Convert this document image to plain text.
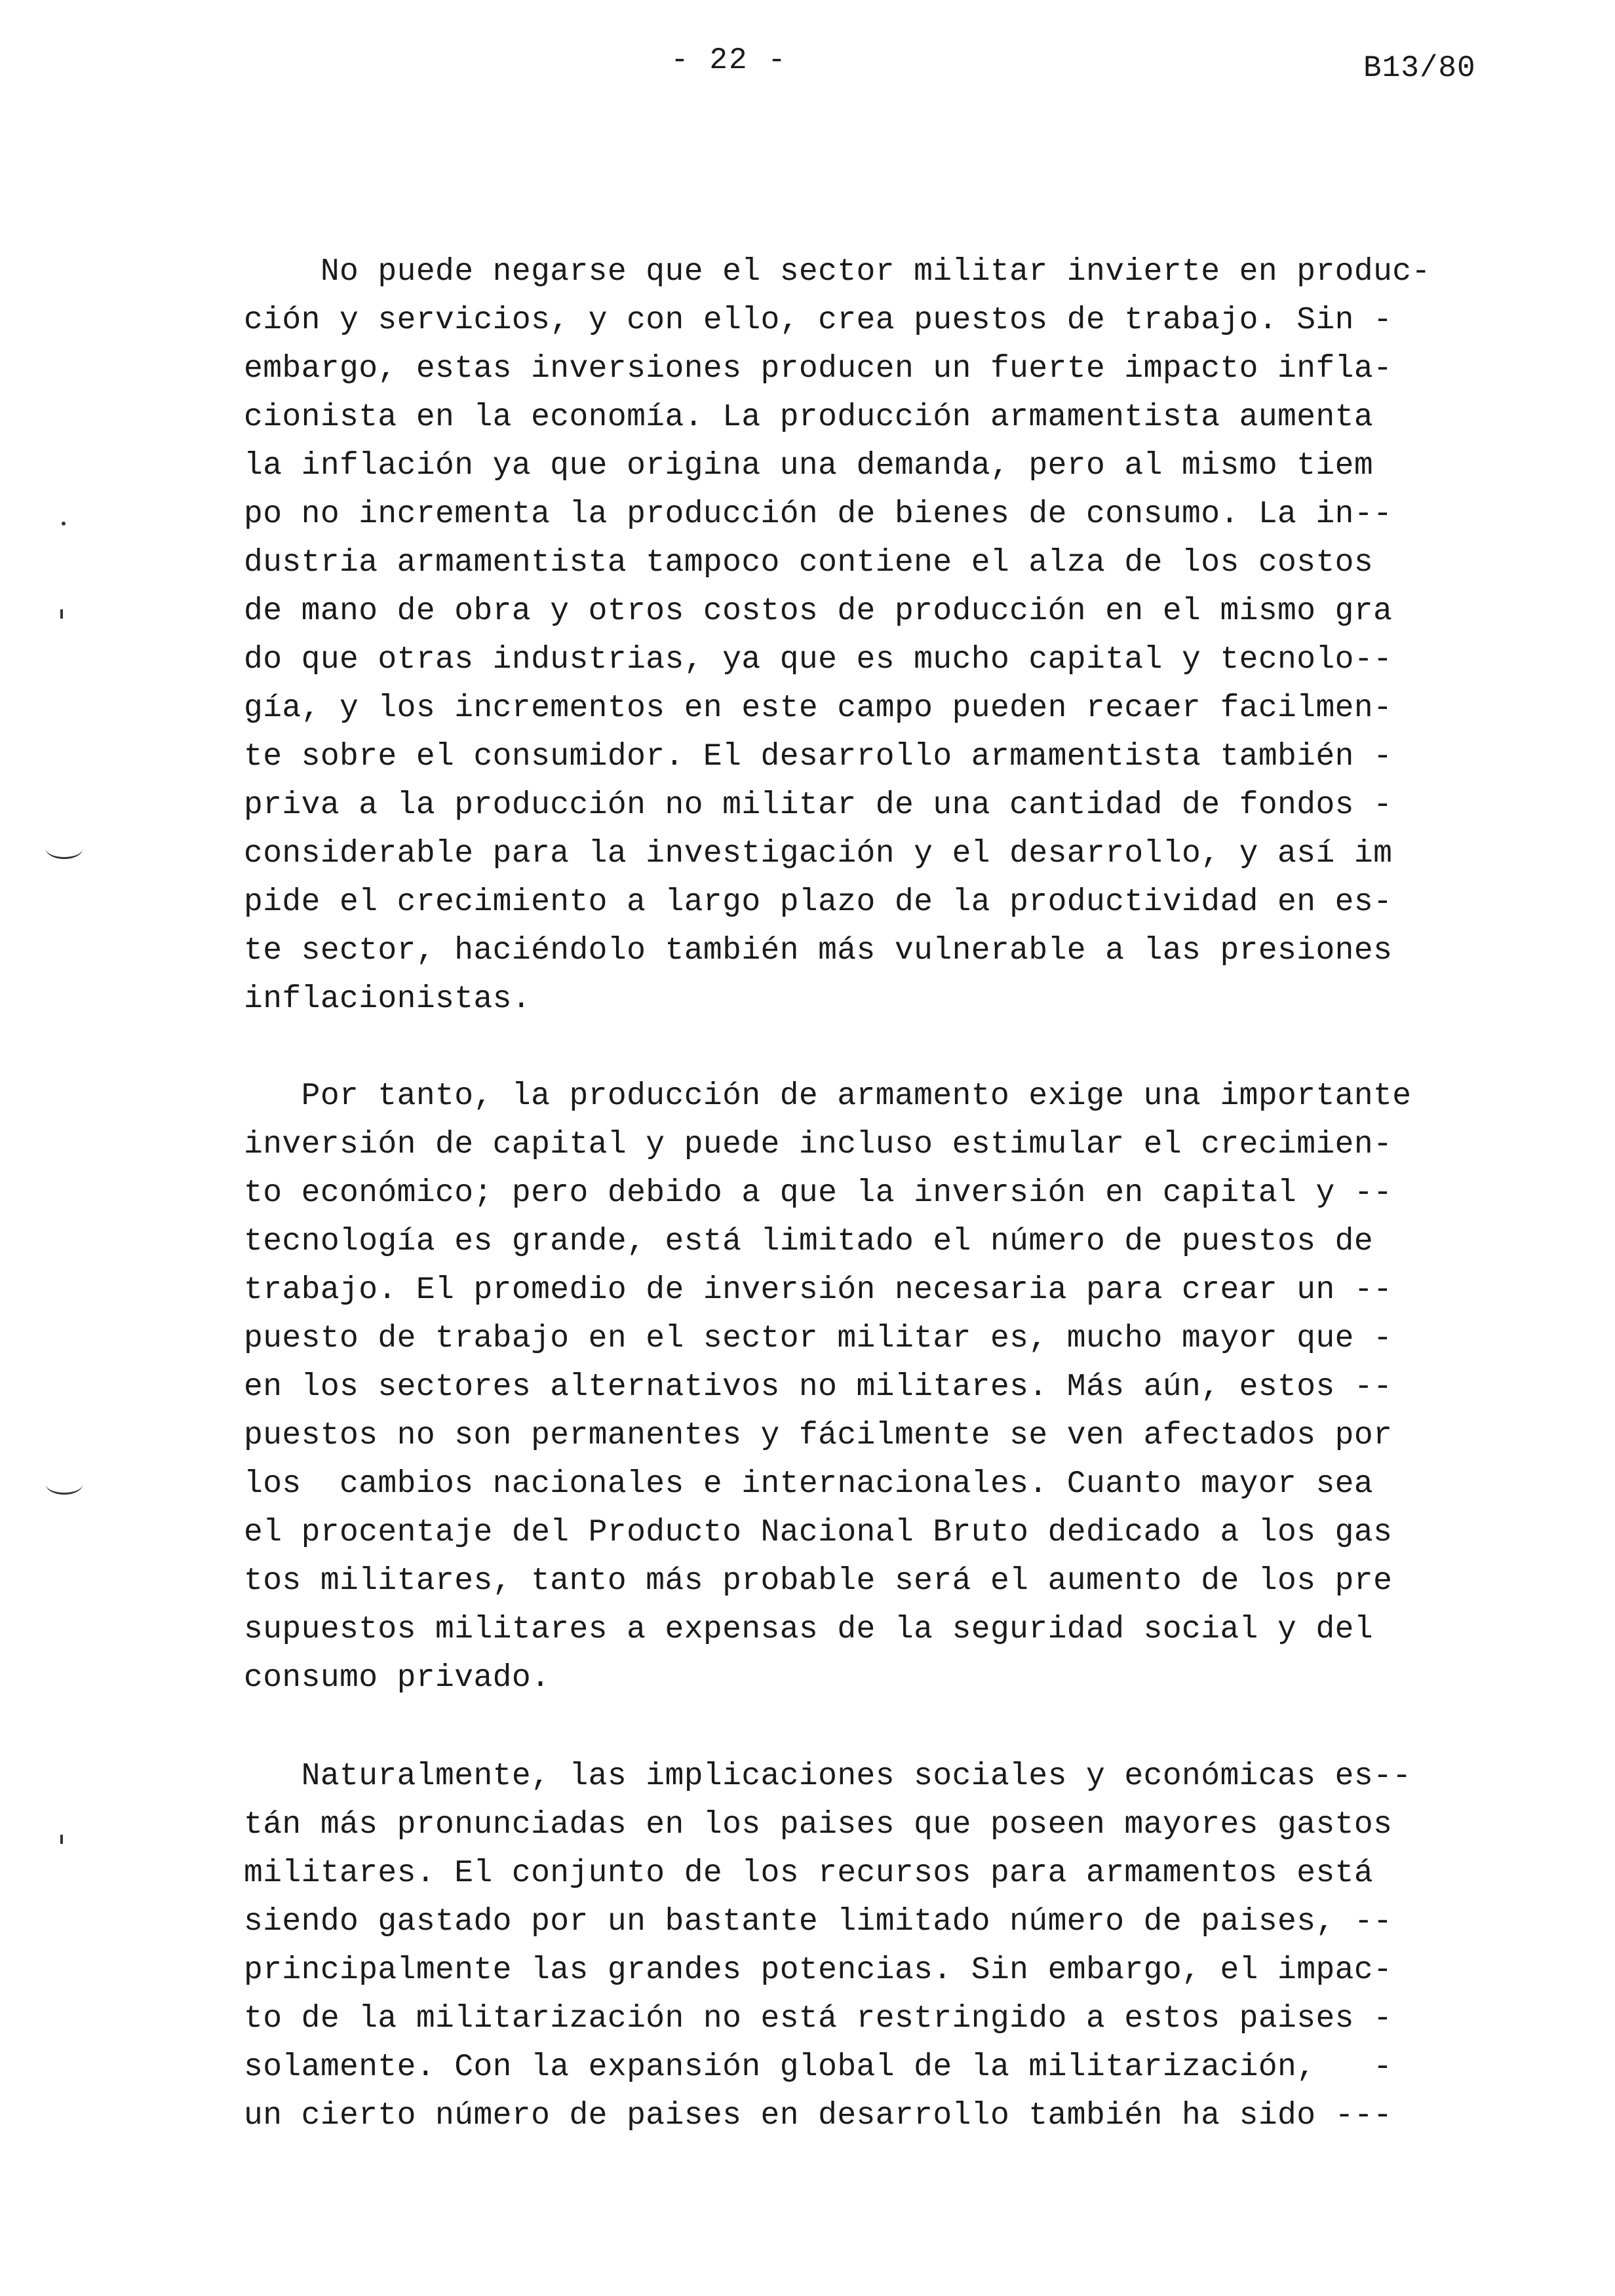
- 22 -	B13/80
No puede negarse que el sector militar invierte en produc-
ción y servicios, y con ello, crea puestos de trabajo. Sin -
embargo, estas inversiones producen un fuerte impacto infla-
cionista en la economía. La producción armamentista aumenta
la inflación ya que origina una demanda, pero al mismo tiem
po no incrementa la producción de bienes de consumo. La in--
dustria armamentista tampoco contiene el alza de los costos
de mano de obra y otros costos de producción en el mismo gra
do que otras industrias, ya que es mucho capital y tecnolo--
gía, y los incrementos en este campo pueden recaer facilmen-
te sobre el consumidor. El desarrollo armamentista también -
priva a la producción no militar de una cantidad de fondos -
considerable para la investigación y el desarrollo, y así im
pide el crecimiento a largo plazo de la productividad en es-
te sector, haciéndolo también más vulnerable a las presiones
inflacionistas.
Por tanto, la producción de armamento exige una importante
inversión de capital y puede incluso estimular el crecimien-
to económico; pero debido a que la inversión en capital y --
tecnología es grande, está limitado el número de puestos de
trabajo. El promedio de inversión necesaria para crear un --
puesto de trabajo en el sector militar es, mucho mayor que -
en los sectores alternativos no militares. Más aún, estos --
puestos no son permanentes y fácilmente se ven afectados por
los  cambios nacionales e internacionales. Cuanto mayor sea
el procentaje del Producto Nacional Bruto dedicado a los gas
tos militares, tanto más probable será el aumento de los pre
supuestos militares a expensas de la seguridad social y del
consumo privado.
Naturalmente, las implicaciones sociales y económicas es--
tán más pronunciadas en los paises que poseen mayores gastos
militares. El conjunto de los recursos para armamentos está
siendo gastado por un bastante limitado número de paises, --
principalmente las grandes potencias. Sin embargo, el impac-
to de la militarización no está restringido a estos paises -
solamente. Con la expansión global de la militarización,   -
un cierto número de paises en desarrollo también ha sido ---
